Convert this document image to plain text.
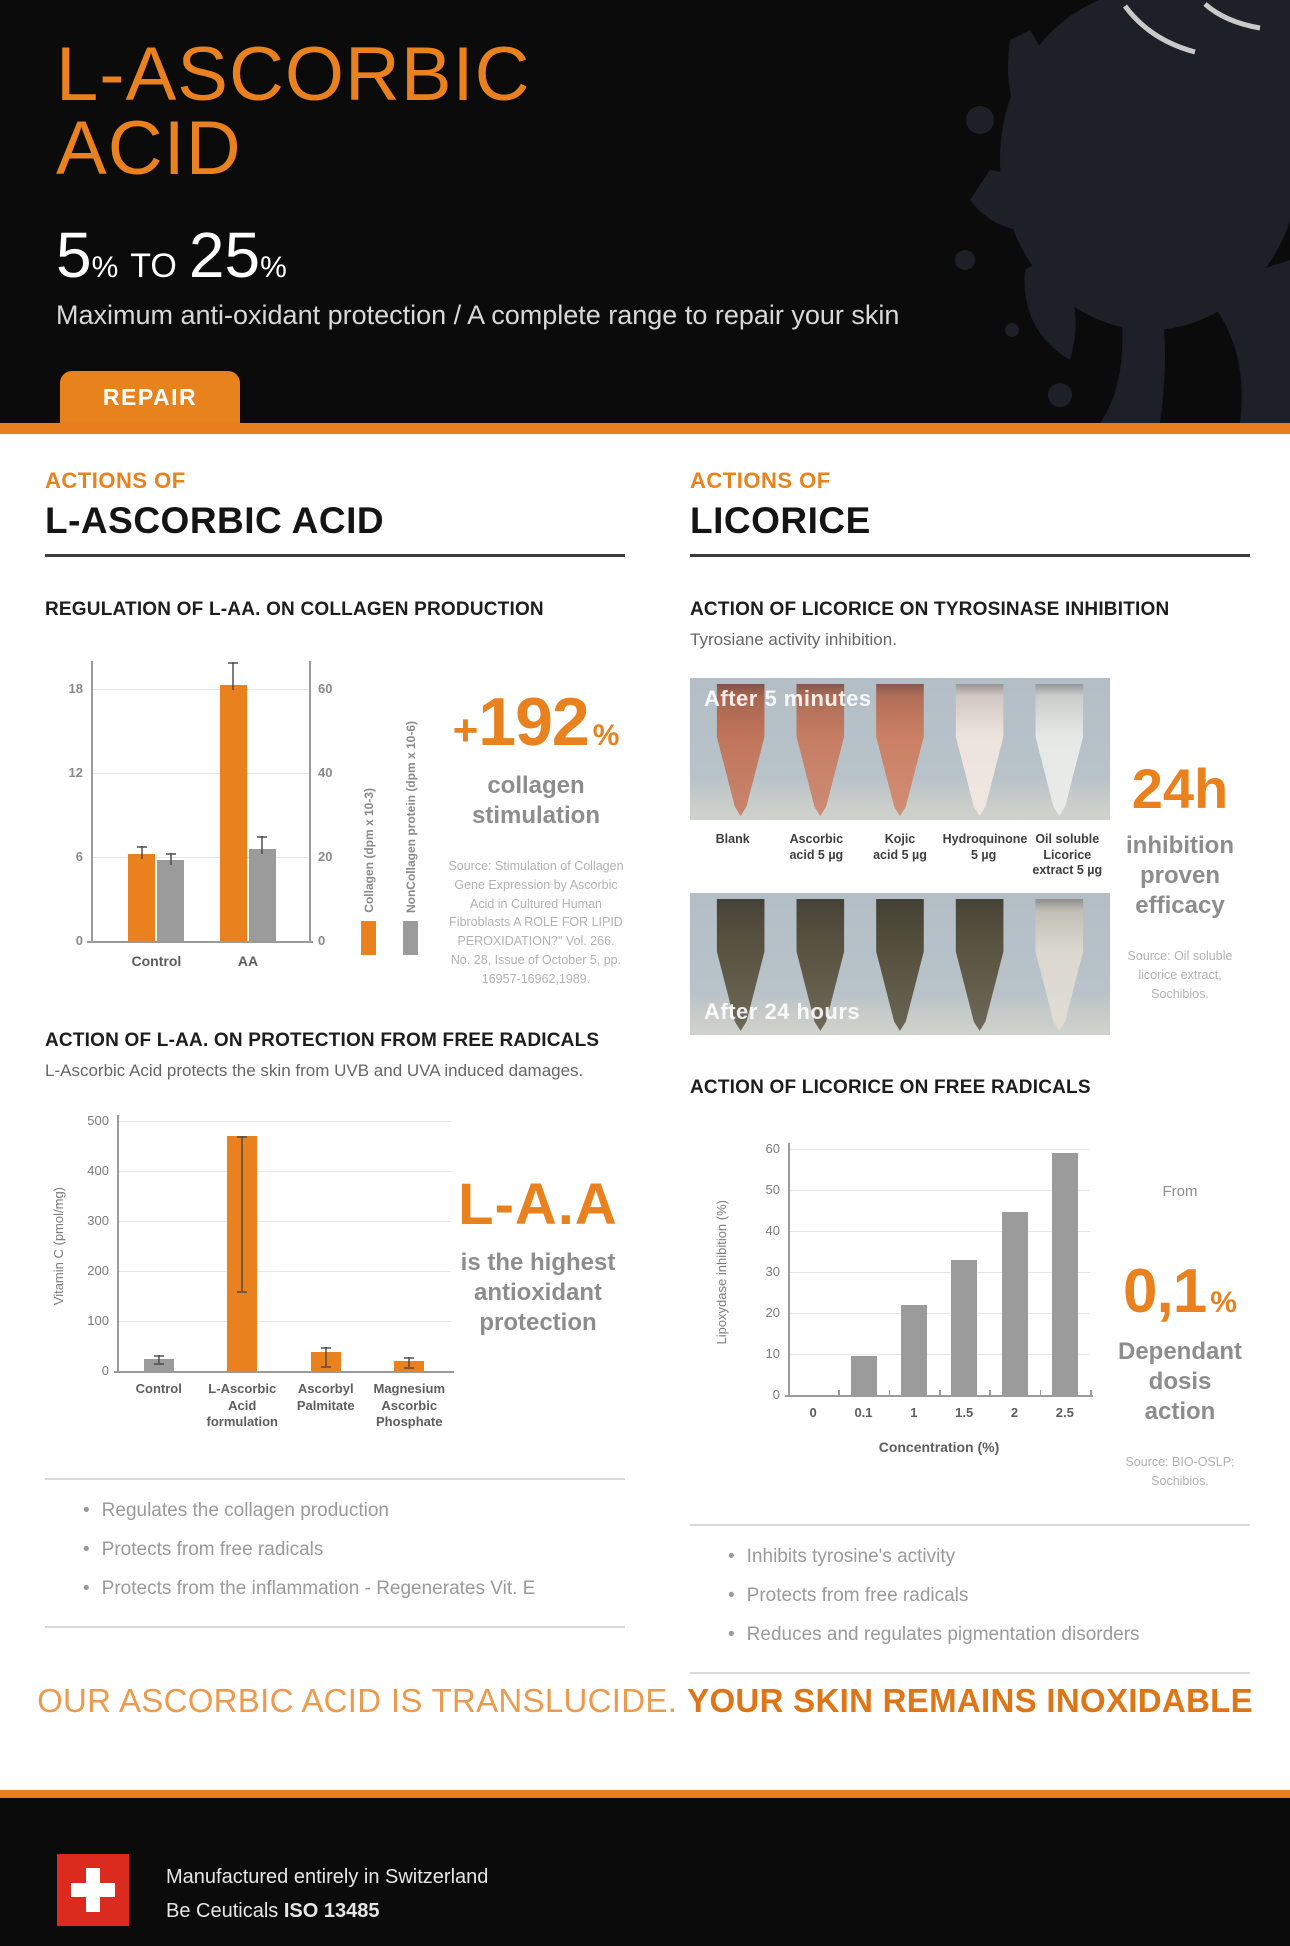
L-ASCORBIC
ACID
5 % TO 25 %
Maximum anti-oxidant protection / A complete range to repair your skin
REPAIR
ACTIONS OF
L-ASCORBIC ACID
REGULATION OF L-AA. ON COLLAGEN PRODUCTION
0	0
6	20
12	40
18	60
Control	AA
Collagen (dpm x 10-3) NonCollagen protein (dpm x 10-6) + 192 %
collagen
stimulation
Source: Stimulation of Collagen Gene Expression by Ascorbic Acid in Cultured Human Fibroblasts A ROLE FOR LIPID PEROXIDATION?" Vol. 266. No. 28, Issue of October 5, pp. 16957-16962,1989.
ACTION OF L-AA. ON PROTECTION FROM FREE RADICALS
L-Ascorbic Acid protects the skin from UVB and UVA induced damages.
0
100
200
300
400
500
Vitamin C (pmol/mg)
Control	L-Ascorbic Acid
formulation
Ascorbyl
Palmitate
Magnesium
Ascorbic
Phosphate
L-A.A
is the highest antioxidant protection
• Regulates the collagen production
• Protects from free radicals
• Protects from the inflammation - Regenerates Vit. E
ACTIONS OF
LICORICE
ACTION OF LICORICE ON TYROSINASE INHIBITION
Tyrosiane activity inhibition.
After 5 minutes
Blank	Ascorbic
acid 5 µg
Kojic
acid 5 µg
Hydroquinone
5 µg
Oil soluble
Licorice
extract 5 µg
After 24 hours
24h
inhibition
proven
efficacy
Source: Oil soluble licorice extract, Sochibios.
ACTION OF LICORICE ON FREE RADICALS
0
10
20
30
40
50
60
Lipoxydase inhibition (%)
0	0.1	1	1.5	2	2.5
Concentration (%)
From
0,1 %
Dependant
dosis action
Source: BIO-OSLP; Sochibios.
• Inhibits tyrosine's activity
• Protects from free radicals
• Reduces and regulates pigmentation disorders
OUR ASCORBIC ACID IS TRANSLUCIDE. YOUR SKIN REMAINS INOXIDABLE
Manufactured entirely in Switzerland
Be Ceuticals ISO 13485
